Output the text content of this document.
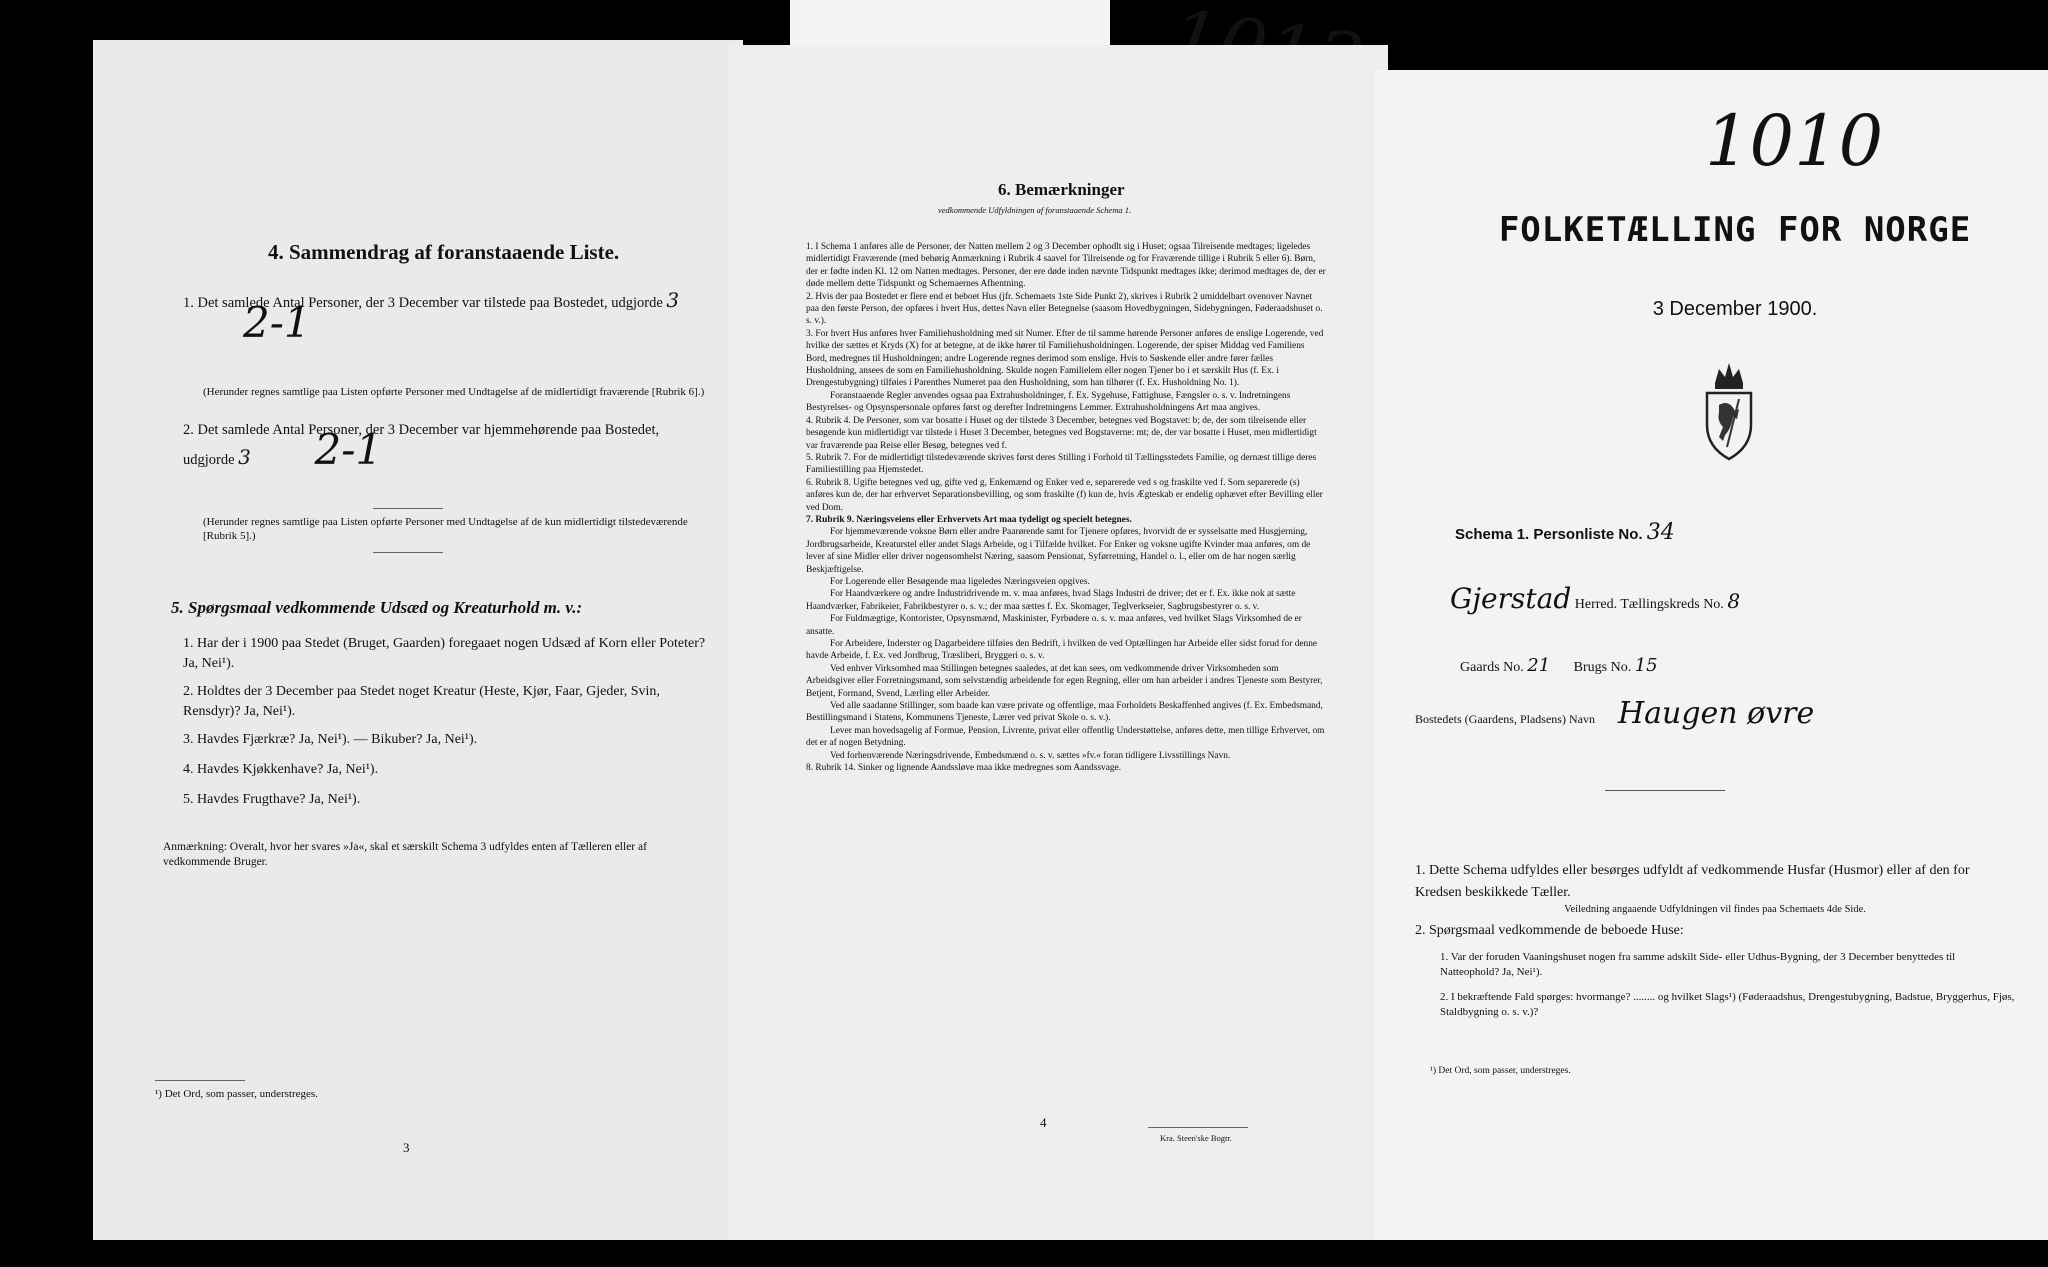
4. Sammendrag af foranstaaende Liste.
1. Det samlede Antal Personer, der 3 December var tilstede paa Bostedet, udgjorde 3 2-1
(Herunder regnes samtlige paa Listen opførte Personer med Undtagelse af de midlertidigt fraværende [Rubrik 6].)
2. Det samlede Antal Personer, der 3 December var hjemmehørende paa Bostedet, udgjorde 3 2-1
(Herunder regnes samtlige paa Listen opførte Personer med Undtagelse af de kun midlertidigt tilstedeværende [Rubrik 5].)
5. Spørgsmaal vedkommende Udsæd og Kreaturhold m. v.:

1. Har der i 1900 paa Stedet (Bruget, Gaarden) foregaaet nogen Udsæd af Korn eller Poteter? Ja, Nei¹).

2. Holdtes der 3 December paa Stedet noget Kreatur (Heste, Kjør, Faar, Gjeder, Svin, Rensdyr)? Ja, Nei¹).

3. Havdes Fjærkræ? Ja, Nei¹). — Bikuber? Ja, Nei¹).

4. Havdes Kjøkkenhave? Ja, Nei¹).

5. Havdes Frugthave? Ja, Nei¹).

Anmærkning: Overalt, hvor her svares »Ja«, skal et særskilt Schema 3 udfyldes enten af Tælleren eller af vedkommende Bruger.
¹) Det Ord, som passer, understreges.
3
6. Bemærkninger
vedkommende Udfyldningen af foranstaaende Schema 1.

1. I Schema 1 anføres alle de Personer, der Natten mellem 2 og 3 December ophodlt sig i Huset; ogsaa Tilreisende medtages; ligeledes midlertidigt Fraværende (med behørig Anmærkning i Rubrik 4 saavel for Tilreisende og for Fraværende tillige i Rubrik 5 eller 6). Børn, der er fødte inden Kl. 12 om Natten medtages. Personer, der ere døde inden nævnte Tidspunkt medtages ikke; derimod medtages de, der er døde mellem dette Tidspunkt og Schemaernes Afhentning.

2. Hvis der paa Bostedet er flere end et beboet Hus (jfr. Schemaets 1ste Side Punkt 2), skrives i Rubrik 2 umiddelbart ovenover Navnet paa den første Person, der opføres i hvert Hus, dettes Navn eller Betegnelse (saasom Hovedbygningen, Sidebygningen, Føderaadshuset o. s. v.).

3. For hvert Hus anføres hver Familiehusholdning med sit Numer. Efter de til samme hørende Personer anføres de enslige Logerende, ved hvilke der sættes et Kryds (X) for at betegne, at de ikke hører til Familiehusholdningen. Logerende, der spiser Middag ved Familiens Bord, medregnes til Husholdningen; andre Logerende regnes derimod som enslige. Hvis to Søskende eller andre fører fælles Husholdning, ansees de som en Familiehusholdning. Skulde nogen Familielem eller nogen Tjener bo i et særskilt Hus (f. Ex. i Drengestubygning) tilføies i Parenthes Numeret paa den Husholdning, som han tilhører (f. Ex. Husholdning No. 1).

Foranstaaende Regler anvendes ogsaa paa Extrahusholdninger, f. Ex. Sygehuse, Fattighuse, Fængsler o. s. v. Indretningens Bestyrelses- og Opsynspersonale opføres først og derefter Indretningens Lemmer. Extrahusholdningens Art maa angives.

4. Rubrik 4. De Personer, som var bosatte i Huset og der tilstede 3 December, betegnes ved Bogstavet: b; de, der som tilreisende eller besøgende kun midlertidigt var tilstede i Huset 3 December, betegnes ved Bogstaverne: mt; de, der var bosatte i Huset, men midlertidigt var fraværende paa Reise eller Besøg, betegnes ved f.

5. Rubrik 7. For de midlertidigt tilstedeværende skrives først deres Stilling i Forhold til Tællingsstedets Familie, og dernæst tillige deres Familiestilling paa Hjemstedet.

6. Rubrik 8. Ugifte betegnes ved ug, gifte ved g, Enkemænd og Enker ved e, separerede ved s og fraskilte ved f. Som separerede (s) anføres kun de, der har erhvervet Separationsbevilling, og som fraskilte (f) kun de, hvis Ægteskab er endelig ophævet efter Bevilling eller ved Dom.

7. Rubrik 9. Næringsveiens eller Erhvervets Art maa tydeligt og specielt betegnes.

For hjemmeværende voksne Børn eller andre Paarørende samt for Tjenere opføres, hvorvidt de er sysselsatte med Husgjerning, Jordbrugsarbeide, Kreaturstel eller andet Slags Arbeide, og i Tilfælde hvilket. For Enker og voksne ugifte Kvinder maa anføres, om de lever af sine Midler eller driver nogensomhelst Næring, saasom Pensionat, Syførretning, Handel o. l., eller om de har nogen særlig Beskjæftigelse.

For Logerende eller Besøgende maa ligeledes Næringsveien opgives.

For Haandværkere og andre Industridrivende m. v. maa anføres, hvad Slags Industri de driver; det er f. Ex. ikke nok at sætte Haandværker, Fabrikeier, Fabrikbestyrer o. s. v.; der maa sættes f. Ex. Skomager, Teglverkseier, Sagbrugsbestyrer o. s. v.

For Fuldmægtige, Kontorister, Opsynsmænd, Maskinister, Fyrbødere o. s. v. maa anføres, ved hvilket Slags Virksomhed de er ansatte.

For Arbeidere, Inderster og Dagarbeidere tilføies den Bedrift, i hvilken de ved Optællingen har Arbeide eller sidst forud for denne havde Arbeide, f. Ex. ved Jordbrug, Træsliberi, Bryggeri o. s. v.

Ved enhver Virksomhed maa Stillingen betegnes saaledes, at det kan sees, om vedkommende driver Virksomheden som Arbeidsgiver eller Forretningsmand, som selvstændig arbeidende for egen Regning, eller om han arbeider i andres Tjeneste som Bestyrer, Betjent, Formand, Svend, Lærling eller Arbeider.

Ved alle saadanne Stillinger, som baade kan være private og offentlige, maa Forholdets Beskaffenhed angives (f. Ex. Embedsmand, Bestillingsmand i Statens, Kommunens Tjeneste, Lærer ved privat Skole o. s. v.).

Lever man hovedsagelig af Formue, Pension, Livrente, privat eller offentlig Understøttelse, anføres dette, men tillige Erhvervet, om det er af nogen Betydning.

Ved forhenværende Næringsdrivende, Embedsmænd o. s. v. sættes »fv.« foran tidligere Livsstillings Navn.

8. Rubrik 14. Sinker og lignende Aandssløve maa ikke medregnes som Aandssvage.

4
Kra. Steen'ske Bogtr.
1010
FOLKETÆLLING FOR NORGE
3 December 1900.
Schema 1. Personliste No. 34
Gjerstad Herred. Tællingskreds No. 8
Gaards No. 21 Brugs No. 15
Bostedets (Gaardens, Pladsens) Navn Haugen øvre

1. Dette Schema udfyldes eller besørges udfyldt af vedkommende Husfar (Husmor) eller af den for Kredsen beskikkede Tæller.

Veiledning angaaende Udfyldningen vil findes paa Schemaets 4de Side.

2. Spørgsmaal vedkommende de beboede Huse:

1. Var der foruden Vaaningshuset nogen fra samme adskilt Side- eller Udhus-Bygning, der 3 December benyttedes til Natteophold? Ja, Nei¹).

2. I bekræftende Fald spørges: hvormange? ........ og hvilket Slags¹) (Føderaadshus, Drengestubygning, Badstue, Bryggerhus, Fjøs, Staldbygning o. s. v.)?

¹) Det Ord, som passer, understreges.
